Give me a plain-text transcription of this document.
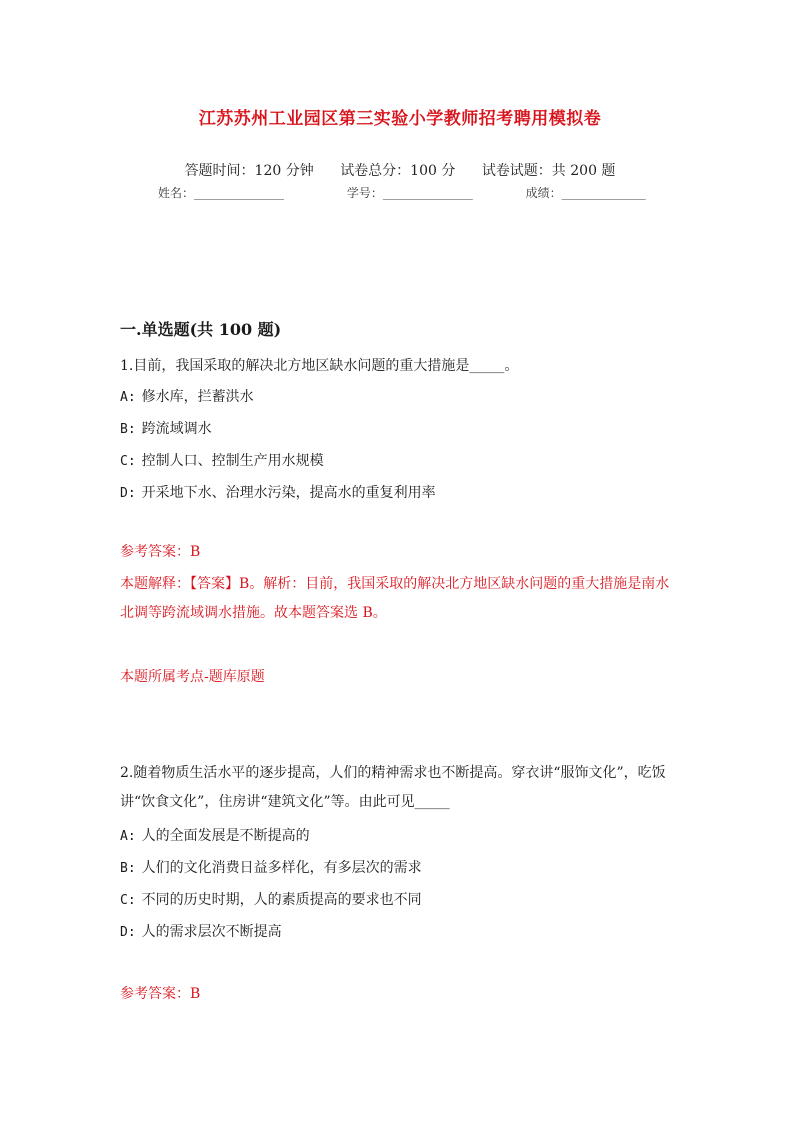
江苏苏州工业园区第三实验小学教师招考聘用模拟卷
答题时间：120 分钟 试卷总分：100 分 试卷试题：共 200 题
姓名：_______________	学号：_______________	成绩：______________
一.单选题(共 100 题)
1.目前，我国采取的解决北方地区缺水问题的重大措施是_____。
A: 修水库，拦蓄洪水
B: 跨流域调水
C: 控制人口、控制生产用水规模
D: 开采地下水、治理水污染，提高水的重复利用率
参考答案：B
本题解释：【答案】B。解析：目前，我国采取的解决北方地区缺水问题的重大措施是南水北调等跨流域调水措施。故本题答案选 B。
本题所属考点-题库原题
2.随着物质生活水平的逐步提高，人们的精神需求也不断提高。穿衣讲“服饰文化”，吃饭讲“饮食文化”，住房讲“建筑文化”等。由此可见_____
A: 人的全面发展是不断提高的
B: 人们的文化消费日益多样化，有多层次的需求
C: 不同的历史时期，人的素质提高的要求也不同
D: 人的需求层次不断提高
参考答案：B
